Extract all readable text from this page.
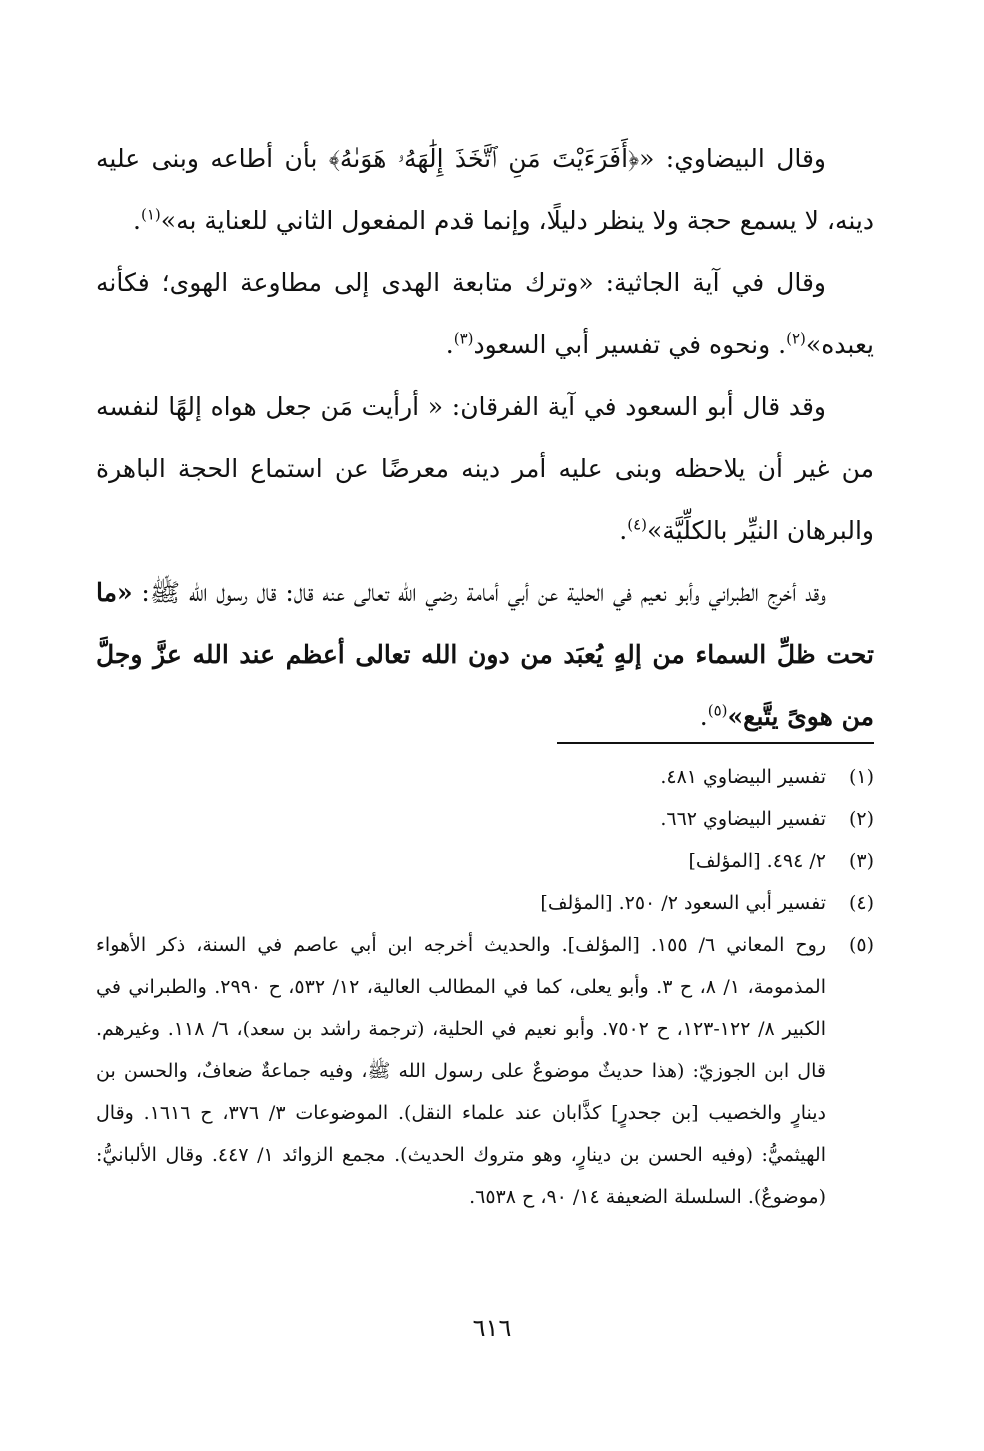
وقال البيضاوي: «﴿أَفَرَءَيْتَ مَنِ ٱتَّخَذَ إِلَٰهَهُۥ هَوَىٰهُ﴾ بأن أطاعه وبنى عليه دينه، لا يسمع حجة ولا ينظر دليلًا، وإنما قدم المفعول الثاني للعناية به»$^{(١)}$.

وقال في آية الجاثية: «وترك متابعة الهدى إلى مطاوعة الهوى؛ فكأنه يعبده»$^{(٢)}$. ونحوه في تفسير أبي السعود$^{(٣)}$.

وقد قال أبو السعود في آية الفرقان: « أرأيت مَن جعل هواه إلهًا لنفسه من غير أن يلاحظه وبنى عليه أمر دينه معرضًا عن استماع الحجة الباهرة والبرهان النيِّر بالكلِّيَّة»$^{(٤)}$.

وقد أخرج الطبراني وأبو نعيم في الحلية عن أبي أمامة رضي الله تعالى عنه قال: قال رسول الله ﷺ: «ما تحت ظلِّ السماء من إلهٍ يُعبَد من دون الله تعالى أعظم عند الله عزَّ وجلَّ من هوىً يتَّبع»$^{(٥)}$.

(١)
تفسير البيضاوي ٤٨١.
(٢)
تفسير البيضاوي ٦٦٢.
(٣)
٢/ ٤٩٤. [المؤلف]
(٤)
تفسير أبي السعود ٢/ ٢٥٠. [المؤلف]
(٥)
روح المعاني ٦/ ١٥٥. [المؤلف]. والحديث أخرجه ابن أبي عاصم في السنة، ذكر الأهواء المذمومة، ١/ ٨، ح ٣. وأبو يعلى، كما في المطالب العالية، ١٢/ ٥٣٢، ح ٢٩٩٠. والطبراني في الكبير ٨/ ١٢٢-١٢٣، ح ٧٥٠٢. وأبو نعيم في الحلية، (ترجمة راشد بن سعد)، ٦/ ١١٨. وغيرهم. قال ابن الجوزيّ: (هذا حديثٌ موضوعٌ على رسول الله ﷺ، وفيه جماعةٌ ضعافٌ، والحسن بن دينارٍ والخصيب [بن جحدرٍ] كذَّابان عند علماء النقل). الموضوعات ٣/ ٣٧٦، ح ١٦١٦. وقال الهيثميُّ: (وفيه الحسن بن دينارٍ، وهو متروك الحديث). مجمع الزوائد ١/ ٤٤٧. وقال الألبانيُّ: (موضوعٌ). السلسلة الضعيفة ١٤/ ٩٠، ح ٦٥٣٨.
٦١٦
